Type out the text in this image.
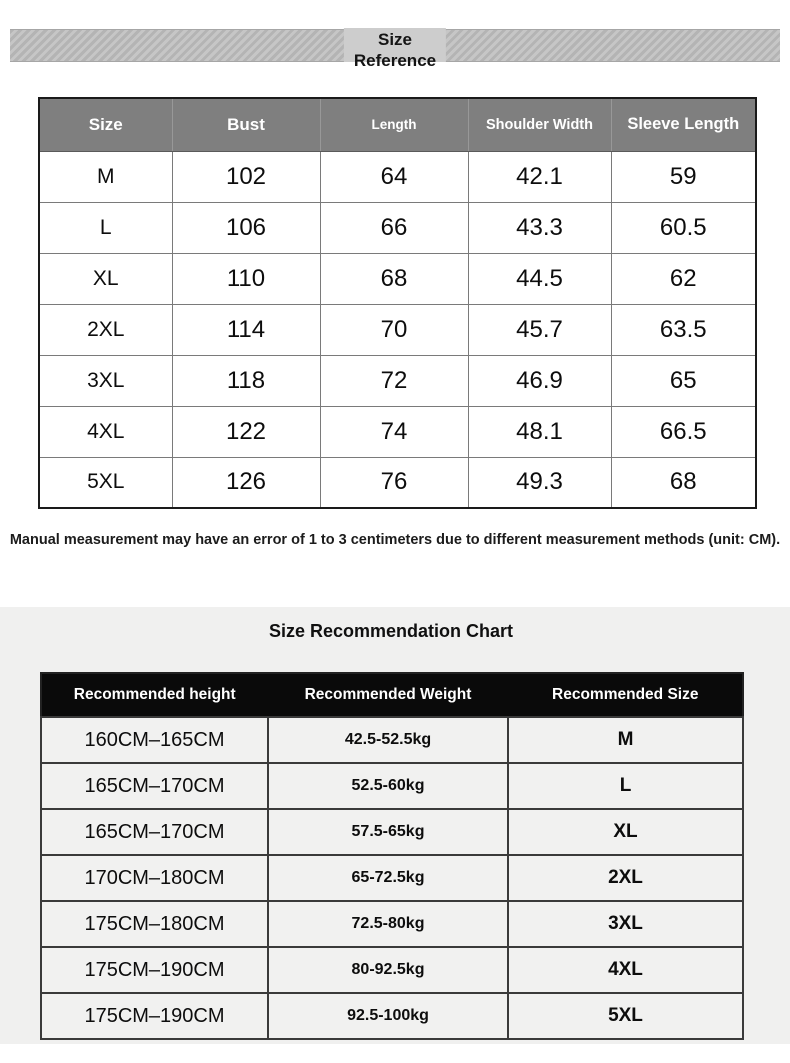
Size
Reference
Size	Bust	Length	Shoulder Width	Sleeve Length
M	102	64	42.1	59
L	106	66	43.3	60.5
XL	110	68	44.5	62
2XL	114	70	45.7	63.5
3XL	118	72	46.9	65
4XL	122	74	48.1	66.5
5XL	126	76	49.3	68
Manual measurement may have an error of 1 to 3 centimeters due to different measurement methods (unit: CM).
Size Recommendation Chart
Recommended height	Recommended Weight	Recommended Size
160CM–165CM	42.5-52.5kg	M
165CM–170CM	52.5-60kg	L
165CM–170CM	57.5-65kg	XL
170CM–180CM	65-72.5kg	2XL
175CM–180CM	72.5-80kg	3XL
175CM–190CM	80-92.5kg	4XL
175CM–190CM	92.5-100kg	5XL
